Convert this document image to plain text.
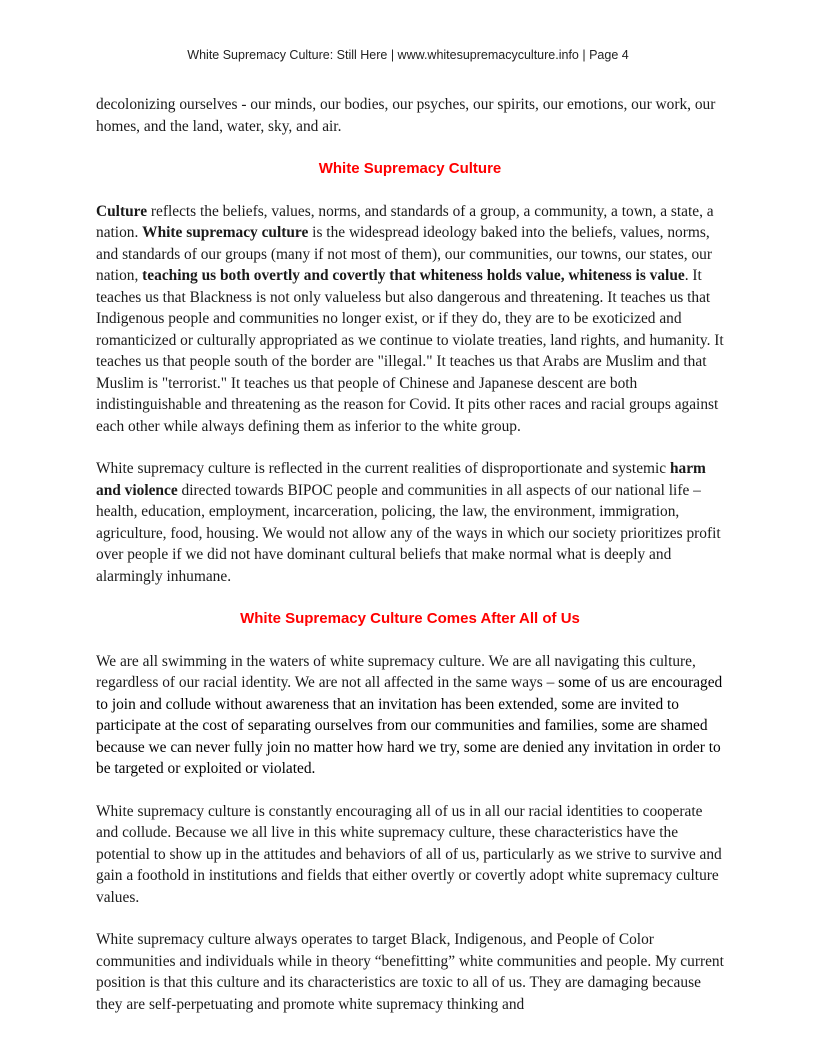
White Supremacy Culture: Still Here | www.whitesupremacyculture.info | Page 4

decolonizing ourselves - our minds, our bodies, our psyches, our spirits, our emotions, our work, our homes, and the land, water, sky, and air.

White Supremacy Culture

Culture reflects the beliefs, values, norms, and standards of a group, a community, a town, a state, a nation. White supremacy culture is the widespread ideology baked into the beliefs, values, norms, and standards of our groups (many if not most of them), our communities, our towns, our states, our nation, teaching us both overtly and covertly that whiteness holds value, whiteness is value. It teaches us that Blackness is not only valueless but also dangerous and threatening. It teaches us that Indigenous people and communities no longer exist, or if they do, they are to be exoticized and romanticized or culturally appropriated as we continue to violate treaties, land rights, and humanity. It teaches us that people south of the border are "illegal." It teaches us that Arabs are Muslim and that Muslim is "terrorist." It teaches us that people of Chinese and Japanese descent are both indistinguishable and threatening as the reason for Covid. It pits other races and racial groups against each other while always defining them as inferior to the white group.

White supremacy culture is reflected in the current realities of disproportionate and systemic harm and violence directed towards BIPOC people and communities in all aspects of our national life – health, education, employment, incarceration, policing, the law, the environment, immigration, agriculture, food, housing. We would not allow any of the ways in which our society prioritizes profit over people if we did not have dominant cultural beliefs that make normal what is deeply and alarmingly inhumane.

White Supremacy Culture Comes After All of Us

We are all swimming in the waters of white supremacy culture. We are all navigating this culture, regardless of our racial identity. We are not all affected in the same ways – some of us are encouraged to join and collude without awareness that an invitation has been extended, some are invited to participate at the cost of separating ourselves from our communities and families, some are shamed because we can never fully join no matter how hard we try, some are denied any invitation in order to be targeted or exploited or violated.

White supremacy culture is constantly encouraging all of us in all our racial identities to cooperate and collude. Because we all live in this white supremacy culture, these characteristics have the potential to show up in the attitudes and behaviors of all of us, particularly as we strive to survive and gain a foothold in institutions and fields that either overtly or covertly adopt white supremacy culture values.

White supremacy culture always operates to target Black, Indigenous, and People of Color communities and individuals while in theory “benefitting” white communities and people. My current position is that this culture and its characteristics are toxic to all of us. They are damaging because they are self-perpetuating and promote white supremacy thinking and
